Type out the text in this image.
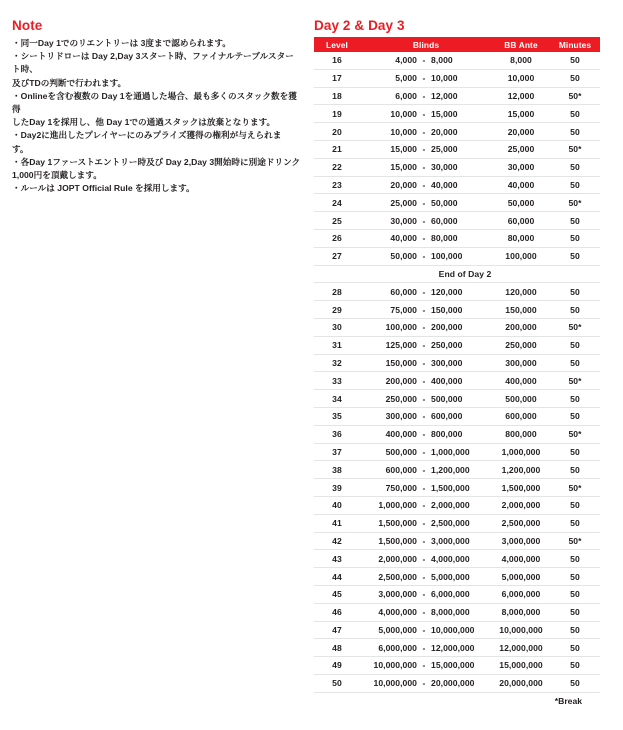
Note
・同一Day 1でのリエントリーは 3度まで認められます。
・シートリドローは Day 2,Day 3スタート時、ファイナルテーブルスタート時、
及びTDの判断で行われます。
・Onlineを含む複数の Day 1を通過した場合、最も多くのスタック数を獲得
したDay 1を採用し、他 Day 1での通過スタックは放棄となります。
・Day2に進出したプレイヤーにのみプライズ獲得の権利が与えられま
す。
・各Day 1ファーストエントリー時及び Day 2,Day 3開始時に別途ドリンク
1,000円を頂戴します。
・ルールは JOPT Official Rule を採用します。
Day 2 & Day 3
Level	Blinds	BB Ante	Minutes
16	4,000 - 8,000	8,000	50
17	5,000 - 10,000	10,000	50
18	6,000 - 12,000	12,000	50*
19	10,000 - 15,000	15,000	50
20	10,000 - 20,000	20,000	50
21	15,000 - 25,000	25,000	50*
22	15,000 - 30,000	30,000	50
23	20,000 - 40,000	40,000	50
24	25,000 - 50,000	50,000	50*
25	30,000 - 60,000	60,000	50
26	40,000 - 80,000	80,000	50
27	50,000 - 100,000	100,000	50

End of Day 2			

28	60,000 - 120,000	120,000	50
29	75,000 - 150,000	150,000	50
30	100,000 - 200,000	200,000	50*
31	125,000 - 250,000	250,000	50
32	150,000 - 300,000	300,000	50
33	200,000 - 400,000	400,000	50*
34	250,000 - 500,000	500,000	50
35	300,000 - 600,000	600,000	50
36	400,000 - 800,000	800,000	50*
37	500,000 - 1,000,000	1,000,000	50
38	600,000 - 1,200,000	1,200,000	50
39	750,000 - 1,500,000	1,500,000	50*
40	1,000,000 - 2,000,000	2,000,000	50
41	1,500,000 - 2,500,000	2,500,000	50
42	1,500,000 - 3,000,000	3,000,000	50*
43	2,000,000 - 4,000,000	4,000,000	50
44	2,500,000 - 5,000,000	5,000,000	50
45	3,000,000 - 6,000,000	6,000,000	50
46	4,000,000 - 8,000,000	8,000,000	50
47	5,000,000 - 10,000,000	10,000,000	50
48	6,000,000 - 12,000,000	12,000,000	50
49	10,000,000 - 15,000,000	15,000,000	50
50	10,000,000 - 20,000,000	20,000,000	50
*Break
